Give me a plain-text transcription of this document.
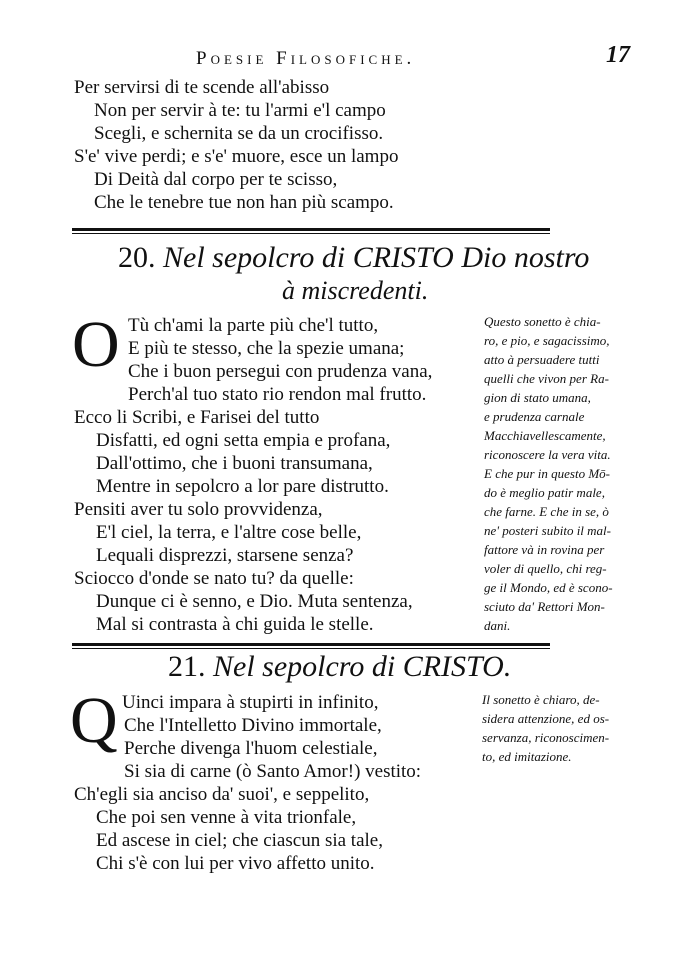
Poesie Filosofiche.	17
Per servirsi di te scende all'abisso
Non per servir à te: tu l'armi e'l campo
Scegli, e schernita se da un crocifisso.
S'e' vive perdi; e s'e' muore, esce un lampo
Di Deità dal corpo per te scisso,
Che le tenebre tue non han più scampo.
20. Nel sepolcro di CRISTO Dio nostro
à miscredenti.
O Tù ch'ami la parte più che'l tutto,
E più te stesso, che la spezie umana;
Che i buon persegui con prudenza vana,
Perch'al tuo stato rio rendon mal frutto.
Ecco li Scribi, e Farisei del tutto
Disfatti, ed ogni setta empia e profana,
Dall'ottimo, che i buoni transumana,
Mentre in sepolcro a lor pare distrutto.
Pensiti aver tu solo provvidenza,
E'l ciel, la terra, e l'altre cose belle,
Lequali disprezzi, starsene senza?
Sciocco d'onde se nato tu? da quelle:
Dunque ci è senno, e Dio. Muta sentenza,
Mal si contrasta à chi guida le stelle.
Questo sonetto è chia-
ro, e pio, e sagacissimo,
atto à persuadere tutti
quelli che vivon per Ra-
gion di stato umana,
e prudenza carnale
Macchiavellescamente,
riconoscere la vera vita.
E che pur in questo Mō-
do è meglio patir male,
che farne. E che in se, ò
ne' posteri subito il mal-
fattore và in rovina per
voler di quello, chi reg-
ge il Mondo, ed è scono-
sciuto da' Rettori Mon-
dani.
21. Nel sepolcro di CRISTO.
Q Uinci impara à stupirti in infinito,
Che l'Intelletto Divino immortale,
Perche divenga l'huom celestiale,
Si sia di carne (ò Santo Amor!) vestito:
Ch'egli sia anciso da' suoi', e seppelito,
Che poi sen venne à vita trionfale,
Ed ascese in ciel; che ciascun sia tale,
Chi s'è con lui per vivo affetto unito.
Il sonetto è chiaro, de-
sidera attenzione, ed os-
servanza, riconoscimen-
to, ed imitazione.
